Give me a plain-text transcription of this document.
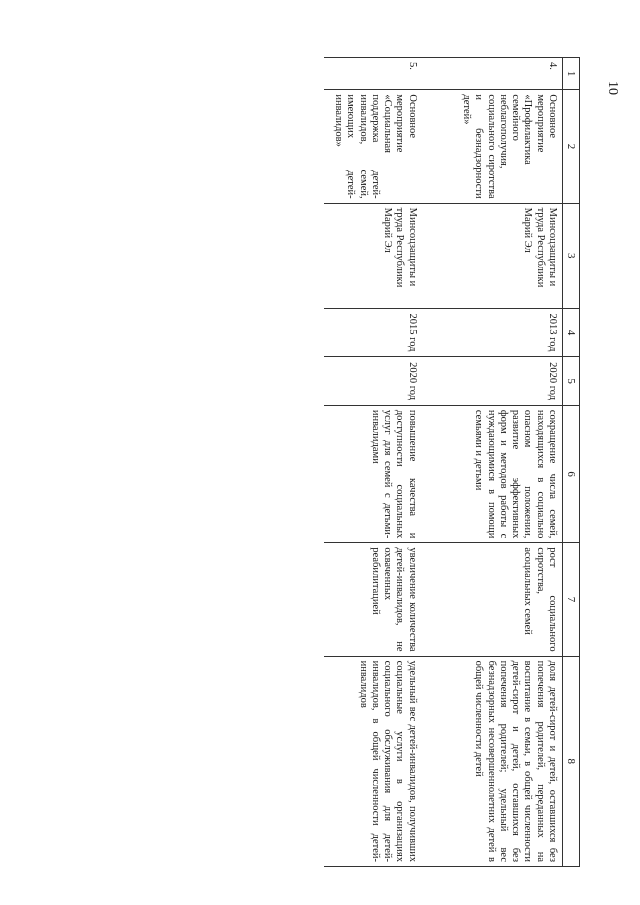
10
1	2	3	4	5	6	7	8
4.	Основное мероприятие «Профилактика семейного неблагополучия, социального сиротства и безнадзорности детей»	Минсоцзащиты и труда Республики Марий Эл	2013 год	2020 год	сокращение числа семей, находящихся в социально опасном положении, развитие эффективных форм и методов работы с нуждающимися в помощи семьями и детьми	рост социального сиротства, асоциальных семей	доля детей-сирот и детей, оставшихся без попечения родителей, переданных на воспитание в семьи, в общей численности детей-сирот и детей, оставшихся без попечения родителей; удельный вес безнадзорных несовершеннолетних детей в общей численности детей
5.	Основное мероприятие «Социальная поддержка детей-инвалидов, семей, имеющих детей-инвалидов»	Минсоцзащиты и труда Республики Марий Эл	2015 год	2020 год	повышение качества и доступности социальных услуг для семей с детьми-инвалидами	увеличение количества детей-инвалидов, не охваченных реабилитацией	удельный вес детей-инвалидов, получивших социальные услуги в организациях социального обслуживания для детей-инвалидов, в общей численности детей-инвалидов
